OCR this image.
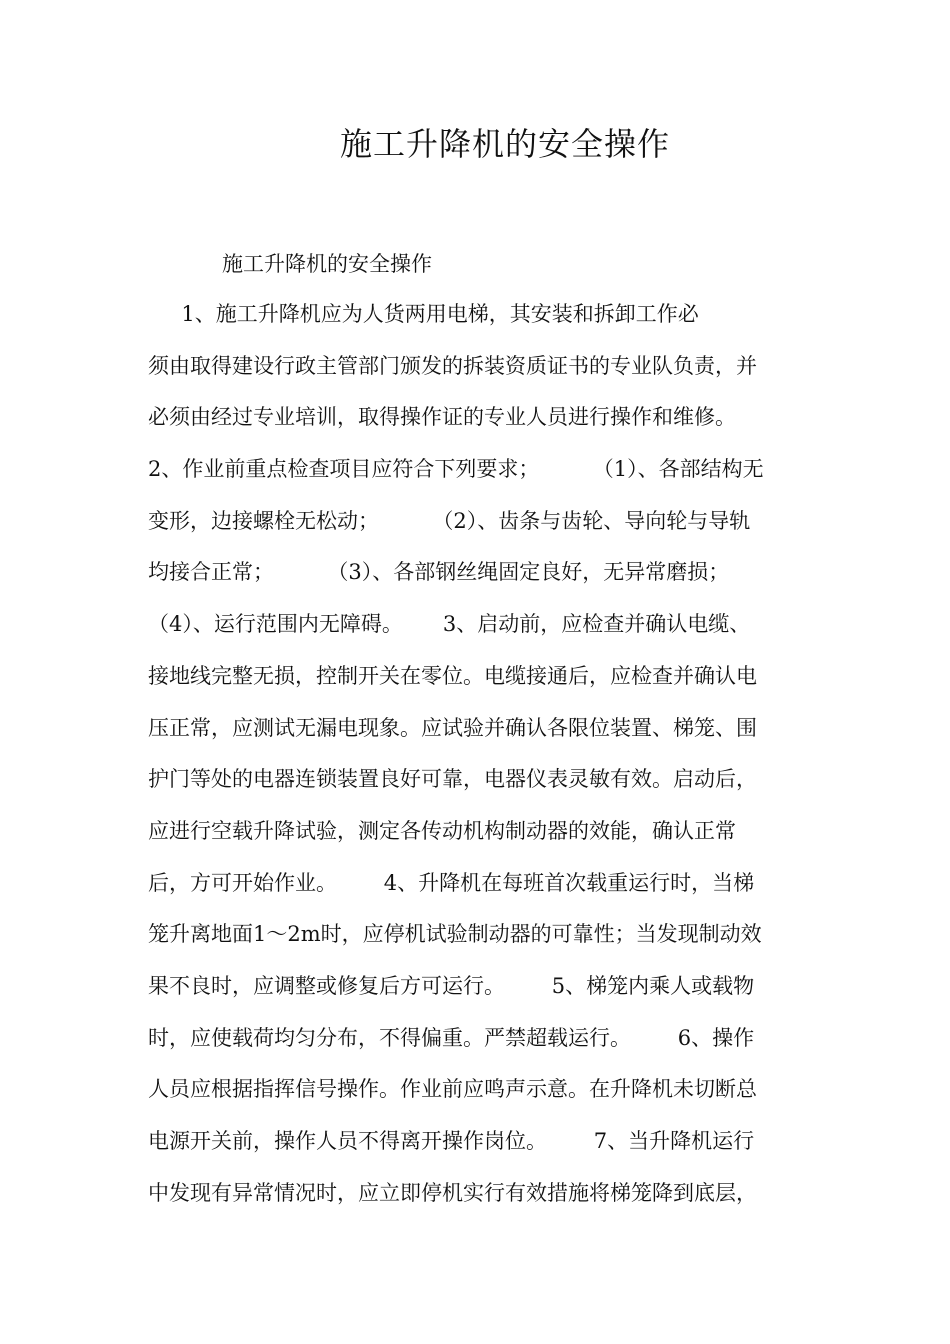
施工升降机的安全操作
施工升降机的安全操作
1、施工升降机应为人货两用电梯，其安装和拆卸工作必
须由取得建设行政主管部门颁发的拆装资质证书的专业队负责，并
必须由经过专业培训，取得操作证的专业人员进行操作和维修。
2、作业前重点检查项目应符合下列要求；        （1）、各部结构无
变形，边接螺栓无松动；        （2）、齿条与齿轮、导向轮与导轨
均接合正常；        （3）、各部钢丝绳固定良好，无异常磨损；
（4）、运行范围内无障碍。      3、启动前，应检查并确认电缆、
接地线完整无损，控制开关在零位。电缆接通后，应检查并确认电
压正常，应测试无漏电现象。应试验并确认各限位装置、梯笼、围
护门等处的电器连锁装置良好可靠，电器仪表灵敏有效。启动后，
应进行空载升降试验，测定各传动机构制动器的效能，确认正常
后，方可开始作业。       4、升降机在每班首次载重运行时，当梯
笼升离地面1～2m时，应停机试验制动器的可靠性；当发现制动效
果不良时，应调整或修复后方可运行。       5、梯笼内乘人或载物
时，应使载荷均匀分布，不得偏重。严禁超载运行。       6、操作
人员应根据指挥信号操作。作业前应鸣声示意。在升降机未切断总
电源开关前，操作人员不得离开操作岗位。       7、当升降机运行
中发现有异常情况时，应立即停机实行有效措施将梯笼降到底层，
